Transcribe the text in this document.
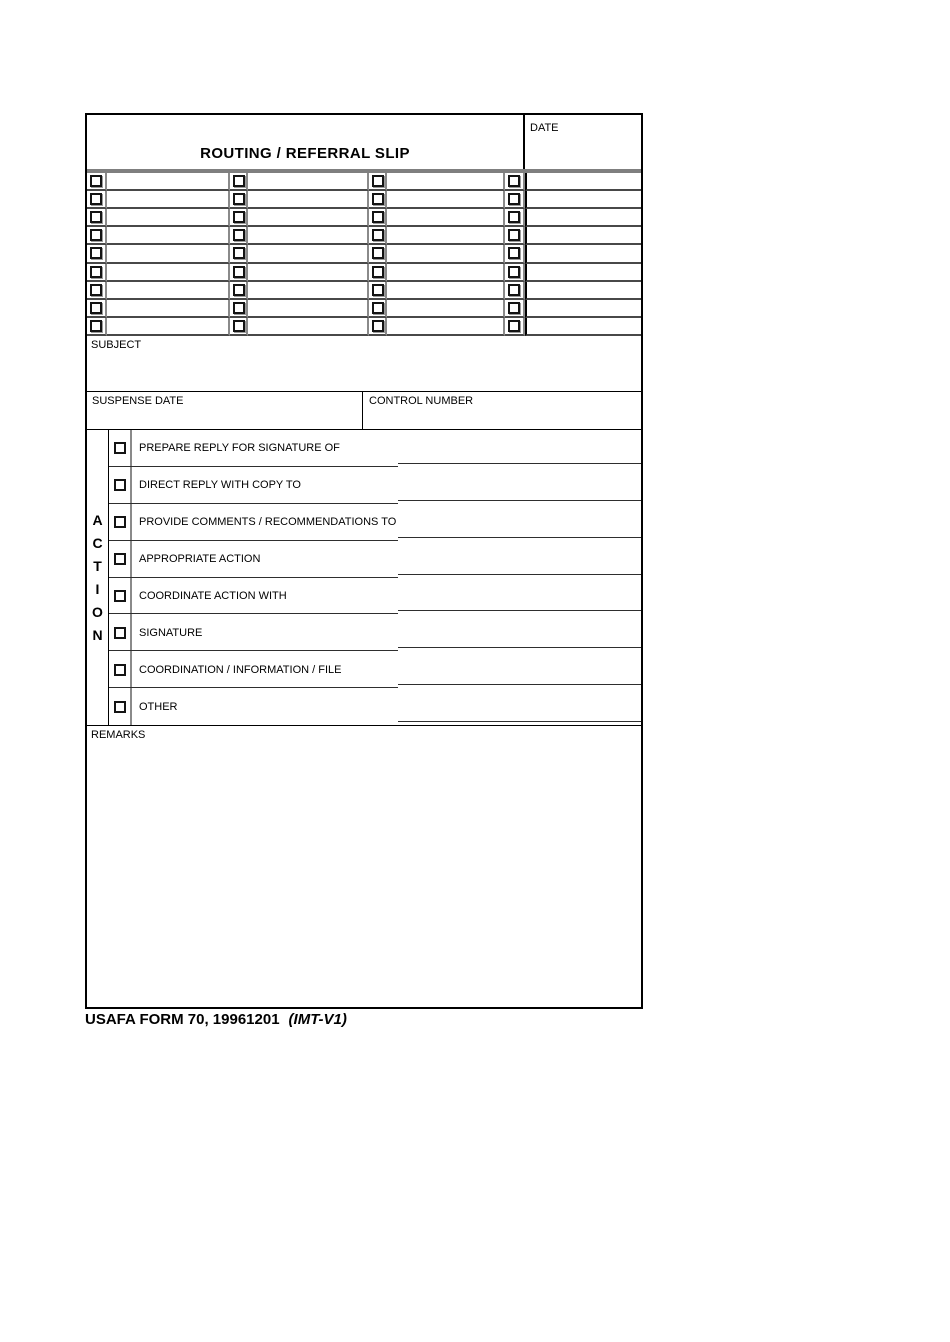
ROUTING / REFERRAL SLIP
DATE
SUBJECT
SUSPENSE DATE	CONTROL NUMBER
A
C
T
I
O
N
PREPARE REPLY FOR SIGNATURE OF
DIRECT REPLY WITH COPY TO
PROVIDE COMMENTS / RECOMMENDATIONS TO
APPROPRIATE ACTION
COORDINATE ACTION WITH
SIGNATURE
COORDINATION / INFORMATION / FILE
OTHER
REMARKS
USAFA FORM 70, 19961201 (IMT-V1)
